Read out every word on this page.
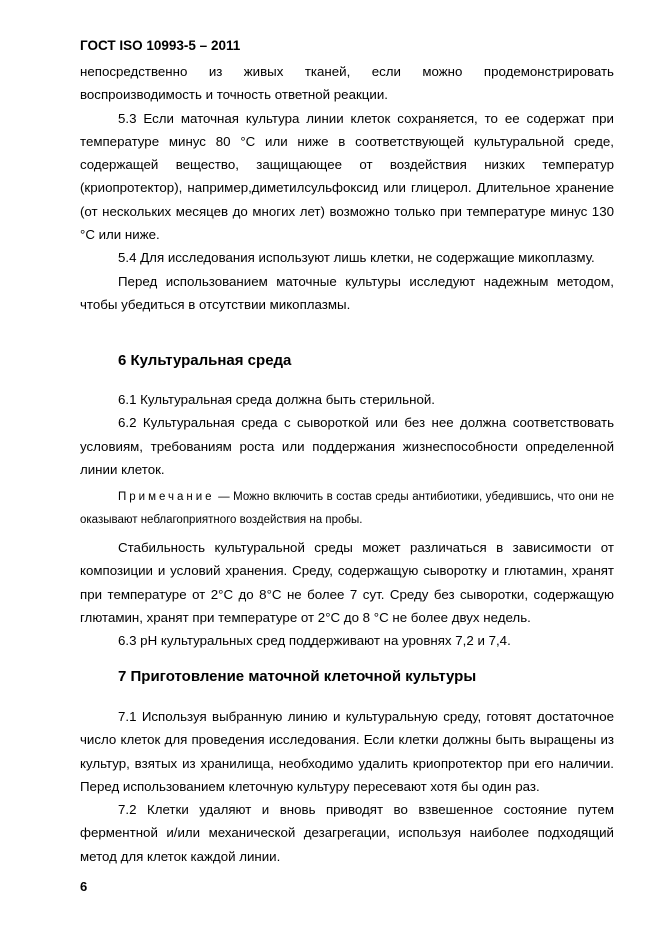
ГОСТ ISO 10993-5 – 2011

непосредственно из живых тканей, если можно продемонстрировать воспроизводимость и точность ответной реакции.

5.3 Если маточная культура линии клеток сохраняется, то ее содержат при температуре минус 80 °C или ниже в соответствующей культуральной среде, содержащей вещество, защищающее от воздействия низких температур (криопротектор), например,диметилсульфоксид или глицерол. Длительное хранение (от нескольких месяцев до многих лет) возможно только при температуре минус 130 °C или ниже.

5.4 Для исследования используют лишь клетки, не содержащие микоплазму.

Перед использованием маточные культуры исследуют надежным методом, чтобы убедиться в отсутствии микоплазмы.

6 Культуральная среда

6.1 Культуральная среда должна быть стерильной.

6.2 Культуральная среда с сывороткой или без нее должна соответствовать условиям, требованиям роста или поддержания жизнеспособности определенной линии клеток.

Примечание — Можно включить в состав среды антибиотики, убедившись, что они не оказывают неблагоприятного воздействия на пробы.

Стабильность культуральной среды может различаться в зависимости от композиции и условий хранения. Среду, содержащую сыворотку и глютамин, хранят при температуре от 2°C до 8°C не более 7 сут. Среду без сыворотки, содержащую глютамин, хранят при температуре от 2°C до 8 °C не более двух недель.

6.3 pH культуральных сред поддерживают на уровнях 7,2 и 7,4.

7 Приготовление маточной клеточной культуры

7.1 Используя выбранную линию и культуральную среду, готовят достаточное число клеток для проведения исследования. Если клетки должны быть выращены из культур, взятых из хранилища, необходимо удалить криопротектор при его наличии. Перед использованием клеточную культуру пересевают хотя бы один раз.

7.2 Клетки удаляют и вновь приводят во взвешенное состояние путем ферментной и/или механической дезагрегации, используя наиболее подходящий метод для клеток каждой линии.

6
